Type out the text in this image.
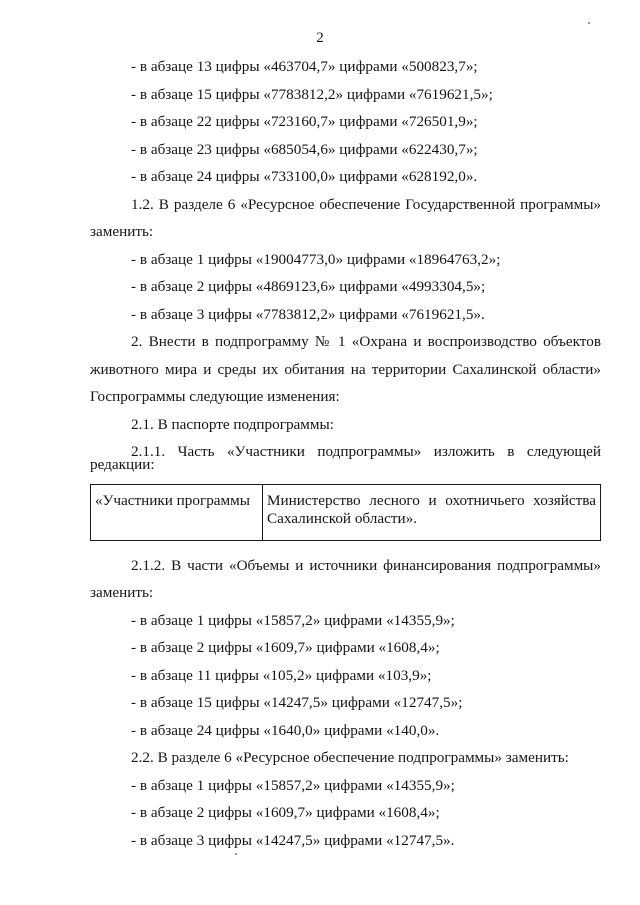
2
- в абзаце 13 цифры «463704,7» цифрами «500823,7»;
- в абзаце 15 цифры «7783812,2» цифрами «7619621,5»;
- в абзаце 22 цифры «723160,7» цифрами «726501,9»;
- в абзаце 23 цифры «685054,6» цифрами «622430,7»;
- в абзаце 24 цифры «733100,0» цифрами «628192,0».
1.2. В разделе 6 «Ресурсное обеспечение Государственной программы»
заменить:
- в абзаце 1 цифры «19004773,0» цифрами «18964763,2»;
- в абзаце 2 цифры «4869123,6» цифрами «4993304,5»;
- в абзаце 3 цифры «7783812,2» цифрами «7619621,5».
2. Внести в подпрограмму № 1 «Охрана и воспроизводство объектов
животного мира и среды их обитания на территории Сахалинской области»
Госпрограммы следующие изменения:
2.1. В паспорте подпрограммы:
2.1.1. Часть «Участники подпрограммы» изложить в следующей
редакции:
«Участники программы	Министерство лесного и охотничьего хозяйства
Сахалинской области».
2.1.2. В части «Объемы и источники финансирования подпрограммы»
заменить:
- в абзаце 1 цифры «15857,2» цифрами «14355,9»;
- в абзаце 2 цифры «1609,7» цифрами «1608,4»;
- в абзаце 11 цифры «105,2» цифрами «103,9»;
- в абзаце 15 цифры «14247,5» цифрами «12747,5»;
- в абзаце 24 цифры «1640,0» цифрами «140,0».
2.2. В разделе 6 «Ресурсное обеспечение подпрограммы» заменить:
- в абзаце 1 цифры «15857,2» цифрами «14355,9»;
- в абзаце 2 цифры «1609,7» цифрами «1608,4»;
- в абзаце 3 цифры «14247,5» цифрами «12747,5».
